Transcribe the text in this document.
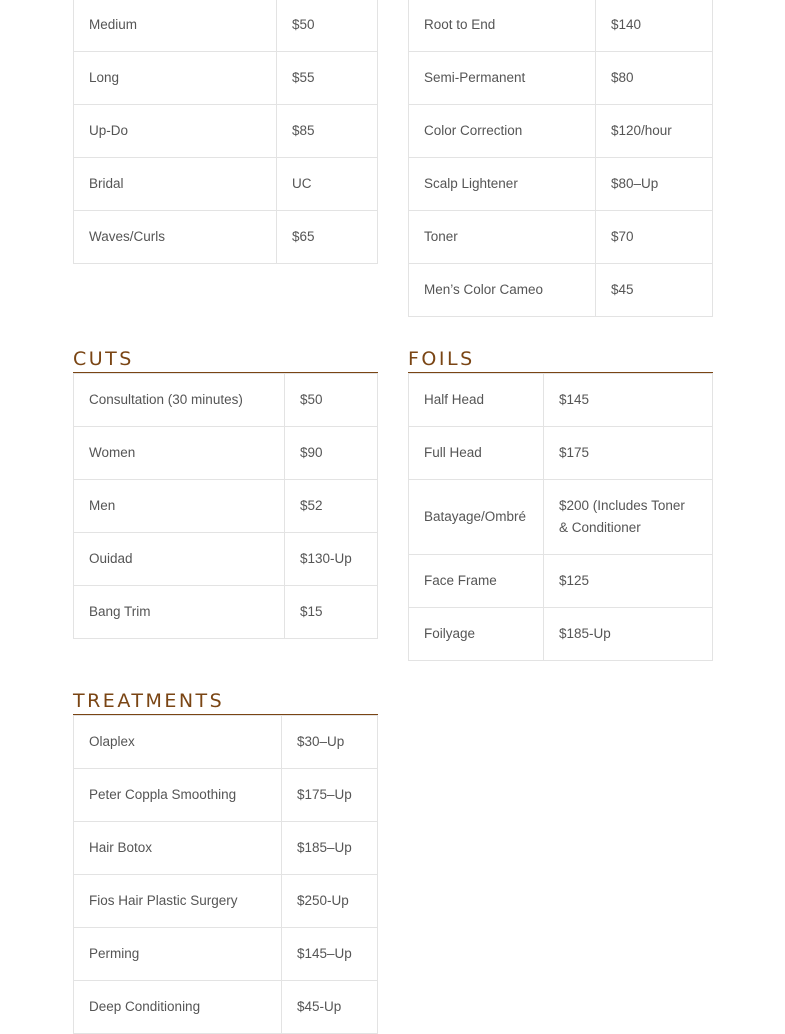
Medium	$50
Long	$55
Up-Do	$85
Bridal	UC
Waves/Curls	$65
Root to End	$140
Semi-Permanent	$80
Color Correction	$120/hour
Scalp Lightener	$80–Up
Toner	$70
Men’s Color Cameo	$45
CUTS
Consultation (30 minutes)	$50
Women	$90
Men	$52
Ouidad	$130-Up
Bang Trim	$15
FOILS
Half Head	$145
Full Head	$175
Batayage/Ombré	$200 (Includes Toner & Conditioner
Face Frame	$125
Foilyage	$185-Up
TREATMENTS
Olaplex	$30–Up
Peter Coppla Smoothing	$175–Up
Hair Botox	$185–Up
Fios Hair Plastic Surgery	$250-Up
Perming	$145–Up
Deep Conditioning	$45-Up
